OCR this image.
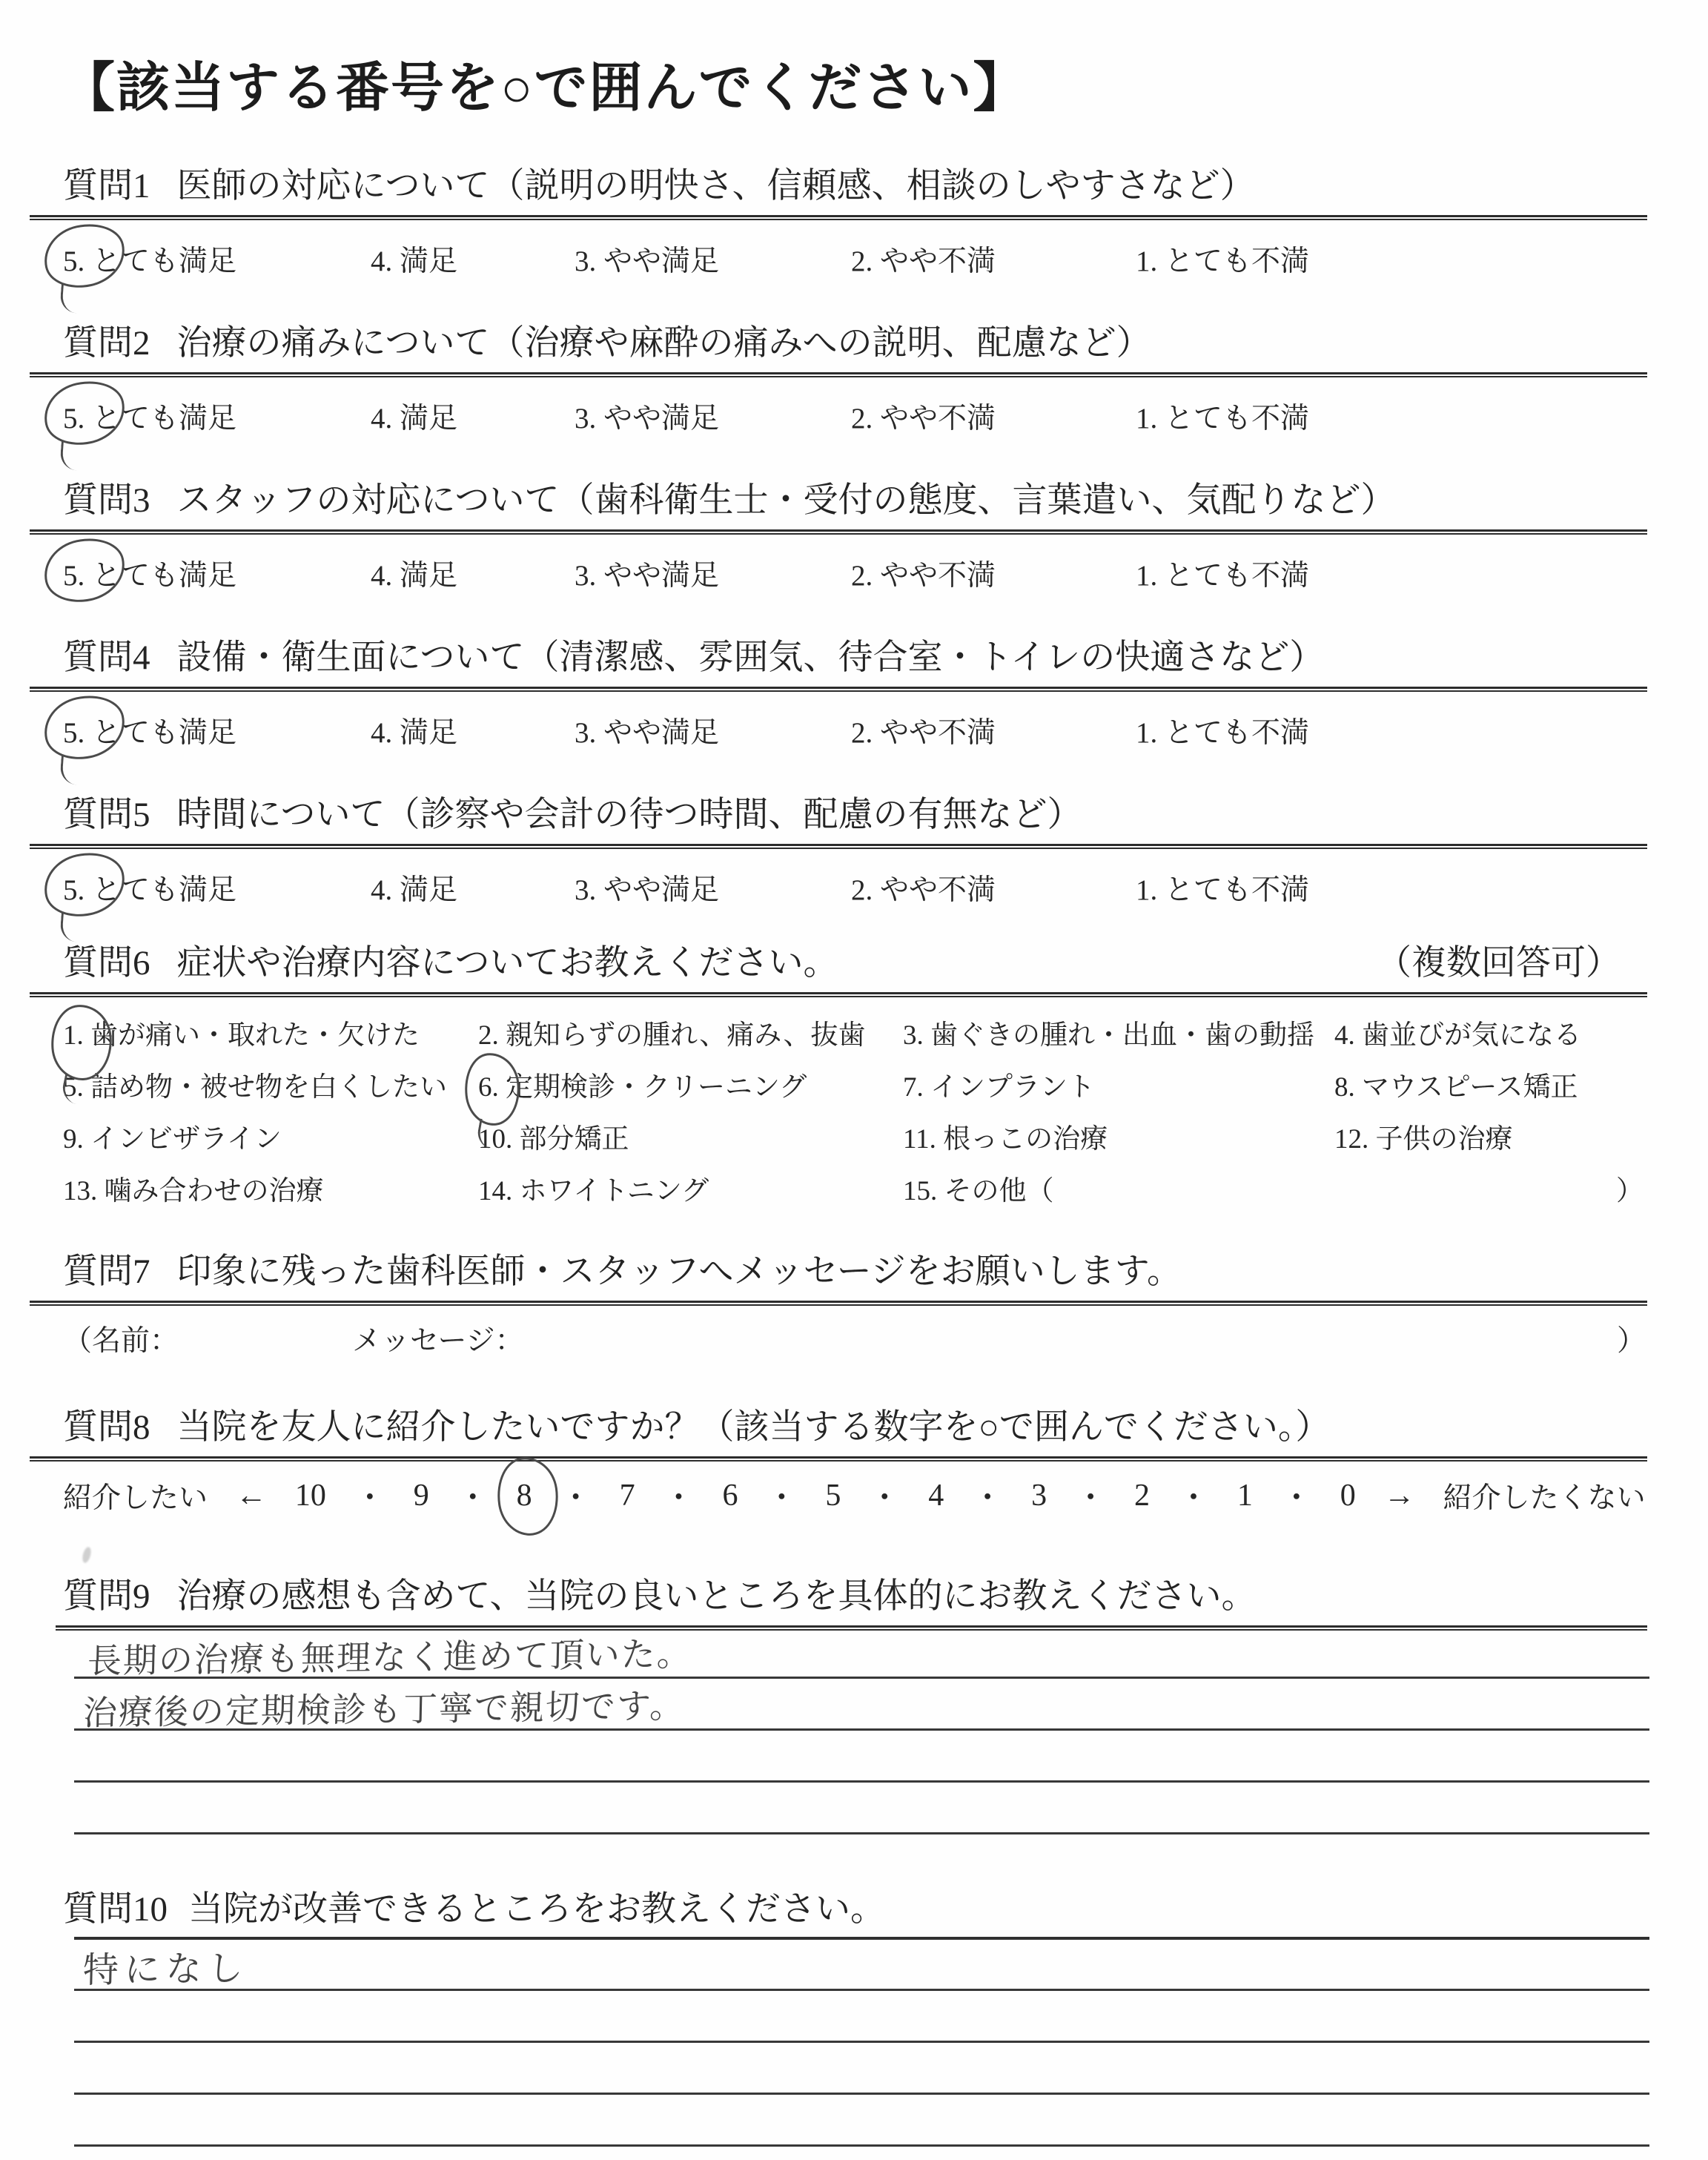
【該当する番号を○で囲んでください】
質問1 医師の対応について（説明の明快さ、信頼感、相談のしやすさなど）
5. とても満足	4. 満足	3. やや満足	2. やや不満	1. とても不満
質問2 治療の痛みについて（治療や麻酔の痛みへの説明、配慮など）
5. とても満足	4. 満足	3. やや満足	2. やや不満	1. とても不満
質問3 スタッフの対応について（歯科衛生士・受付の態度、言葉遣い、気配りなど）
5. とても満足	4. 満足	3. やや満足	2. やや不満	1. とても不満
質問4 設備・衛生面について（清潔感、雰囲気、待合室・トイレの快適さなど）
5. とても満足	4. 満足	3. やや満足	2. やや不満	1. とても不満
質問5 時間について（診察や会計の待つ時間、配慮の有無など）
5. とても満足	4. 満足	3. やや満足	2. やや不満	1. とても不満
質問6 症状や治療内容についてお教えください。	（複数回答可）
1. 歯が痛い・取れた・欠けた 2. 親知らずの腫れ、痛み、抜歯 3. 歯ぐきの腫れ・出血・歯の動揺 4. 歯並びが気になる
5. 詰め物・被せ物を白くしたい 6. 定期検診・クリーニング	7. インプラント	8. マウスピース矯正
9. インビザライン	10. 部分矯正	11. 根っこの治療	12. 子供の治療
13. 噛み合わせの治療	14. ホワイトニング	15. その他（	）
質問7 印象に残った歯科医師・スタッフへメッセージをお願いします。
（名前：	メッセージ：	）
質問8 当院を友人に紹介したいですか？（該当する数字を○で囲んでください。）
紹介したい ← 10 ・ 9 ・ 8 ・ 7 ・ 6 ・ 5 ・ 4 ・ 3 ・ 2 ・ 1 ・ 0 → 紹介したくない
質問9 治療の感想も含めて、当院の良いところを具体的にお教えください。
長期の治療も無理なく進めて頂いた。
治療後の定期検診も丁寧で親切です。
質問10 当院が改善できるところをお教えください。
特になし
